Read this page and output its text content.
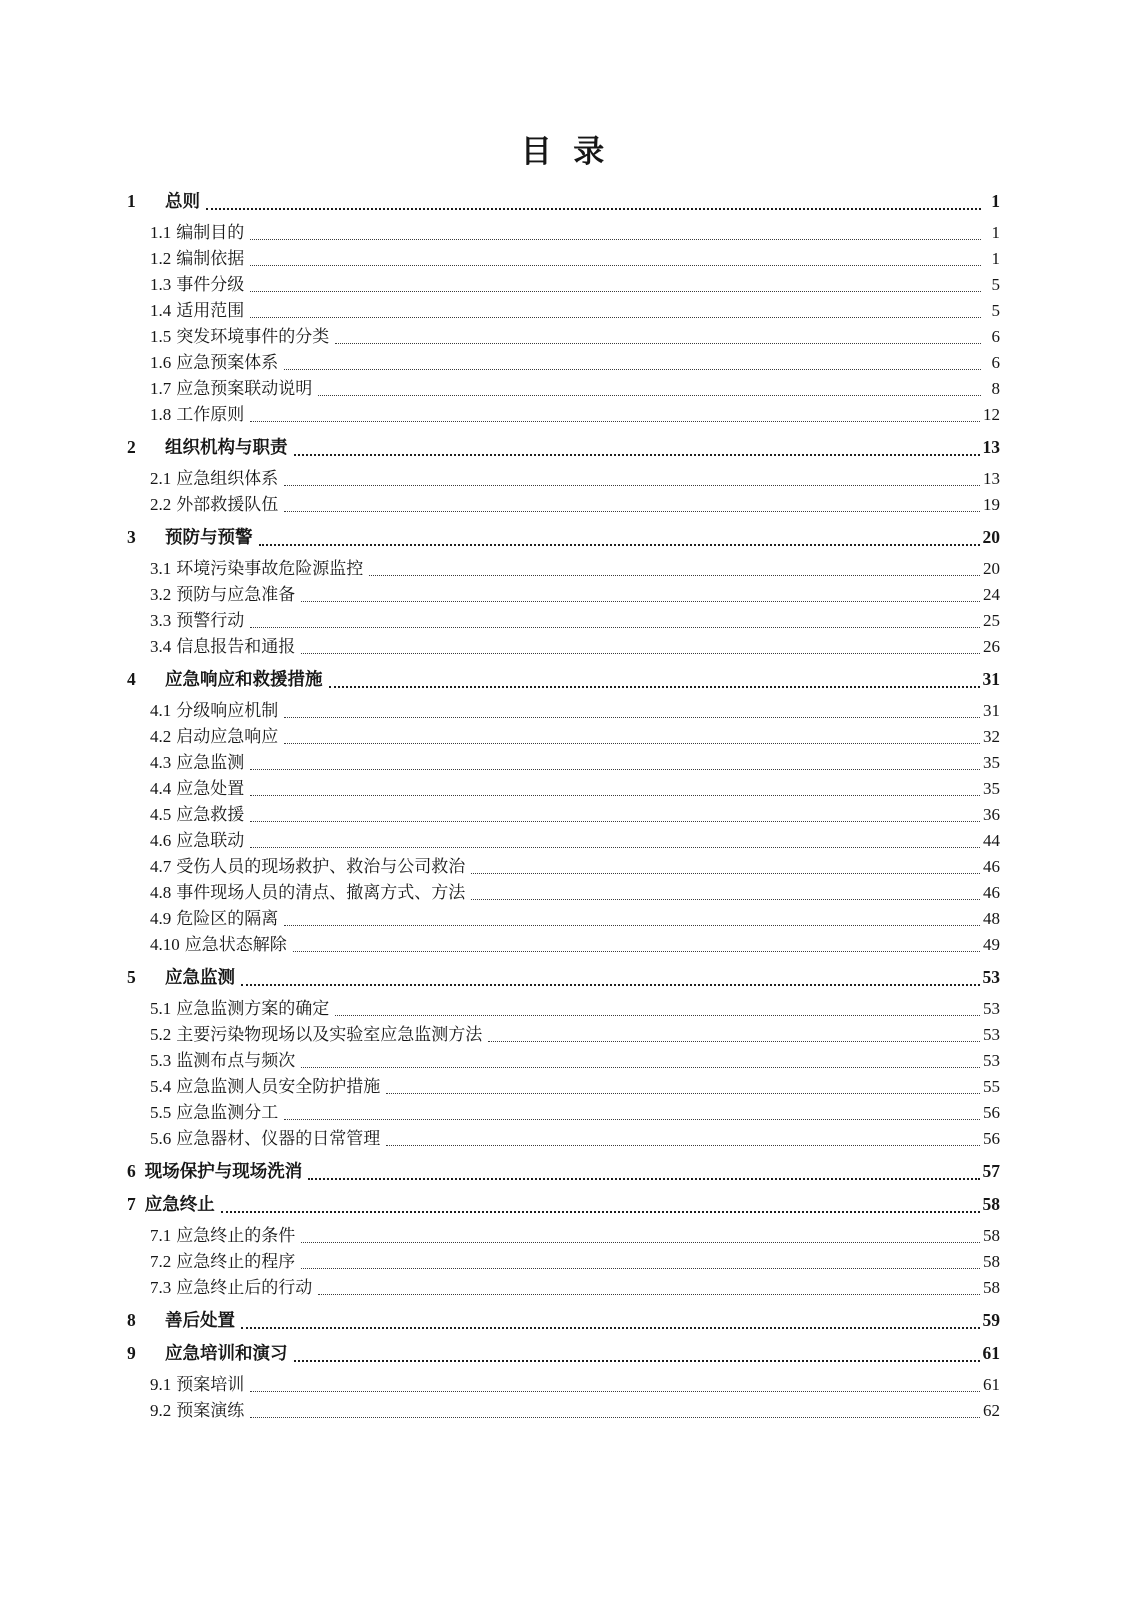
目  录
1	总则	1
1.1 编制目的	1
1.2 编制依据	1
1.3 事件分级	5
1.4 适用范围	5
1.5 突发环境事件的分类	6
1.6 应急预案体系	6
1.7 应急预案联动说明	8
1.8 工作原则	12
2	组织机构与职责	13
2.1 应急组织体系	13
2.2 外部救援队伍	19
3	预防与预警	20
3.1 环境污染事故危险源监控	20
3.2 预防与应急准备	24
3.3 预警行动	25
3.4 信息报告和通报	26
4	应急响应和救援措施	31
4.1 分级响应机制	31
4.2 启动应急响应	32
4.3 应急监测	35
4.4 应急处置	35
4.5 应急救援	36
4.6 应急联动	44
4.7 受伤人员的现场救护、救治与公司救治	46
4.8 事件现场人员的清点、撤离方式、方法	46
4.9 危险区的隔离	48
4.10 应急状态解除	49
5	应急监测	53
5.1 应急监测方案的确定	53
5.2 主要污染物现场以及实验室应急监测方法	53
5.3 监测布点与频次	53
5.4 应急监测人员安全防护措施	55
5.5 应急监测分工	56
5.6 应急器材、仪器的日常管理	56
6 现场保护与现场洗消	57
7 应急终止	58
7.1 应急终止的条件	58
7.2 应急终止的程序	58
7.3 应急终止后的行动	58
8	善后处置	59
9	应急培训和演习	61
9.1 预案培训	61
9.2 预案演练	62
